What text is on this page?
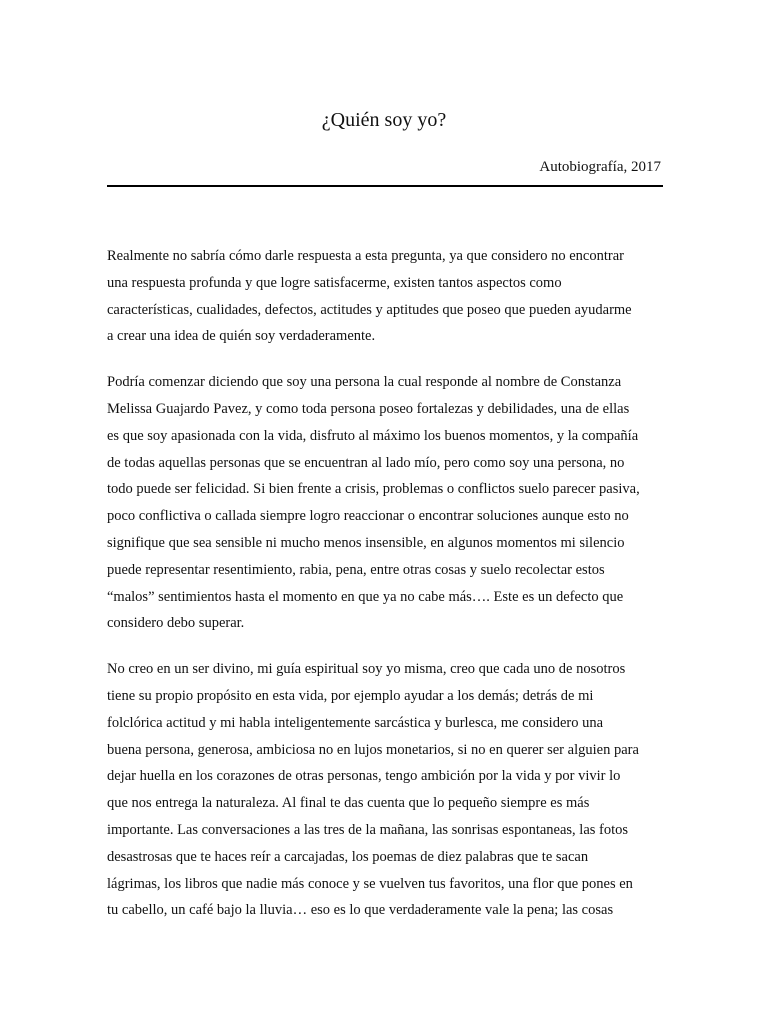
¿Quién soy yo?
Autobiografía, 2017
Realmente no sabría cómo darle respuesta a esta pregunta, ya que considero no encontrar
una respuesta profunda y que logre satisfacerme, existen tantos aspectos como
características, cualidades, defectos, actitudes y aptitudes que poseo que pueden ayudarme
a crear una idea de quién soy verdaderamente.
Podría comenzar diciendo que soy una persona la cual responde al nombre de Constanza
Melissa Guajardo Pavez, y como toda persona poseo fortalezas y debilidades, una de ellas
es que soy apasionada con la vida, disfruto al máximo los buenos momentos, y la compañía
de todas aquellas personas que se encuentran al lado mío, pero como soy una persona, no
todo puede ser felicidad. Si bien frente a crisis, problemas o conflictos suelo parecer pasiva,
poco conflictiva o callada siempre logro reaccionar o encontrar soluciones aunque esto no
signifique que sea sensible ni mucho menos insensible, en algunos momentos mi silencio
puede representar resentimiento, rabia, pena, entre otras cosas y suelo recolectar estos
“malos” sentimientos hasta el momento en que ya no cabe más…. Este es un defecto que
considero debo superar.
No creo en un ser divino, mi guía espiritual soy yo misma, creo que cada uno de nosotros
tiene su propio propósito en esta vida, por ejemplo ayudar a los demás; detrás de mi
folclórica actitud y mi habla inteligentemente sarcástica y burlesca, me considero una
buena persona, generosa, ambiciosa no en lujos monetarios, si no en querer ser alguien para
dejar huella en los corazones de otras personas, tengo ambición por la vida y por vivir lo
que nos entrega la naturaleza. Al final te das cuenta que lo pequeño siempre es más
importante. Las conversaciones a las tres de la mañana, las sonrisas espontaneas, las fotos
desastrosas que te haces reír a carcajadas, los poemas de diez palabras que te sacan
lágrimas, los libros que nadie más conoce y se vuelven tus favoritos, una flor que pones en
tu cabello, un café bajo la lluvia… eso es lo que verdaderamente vale la pena; las cosas
